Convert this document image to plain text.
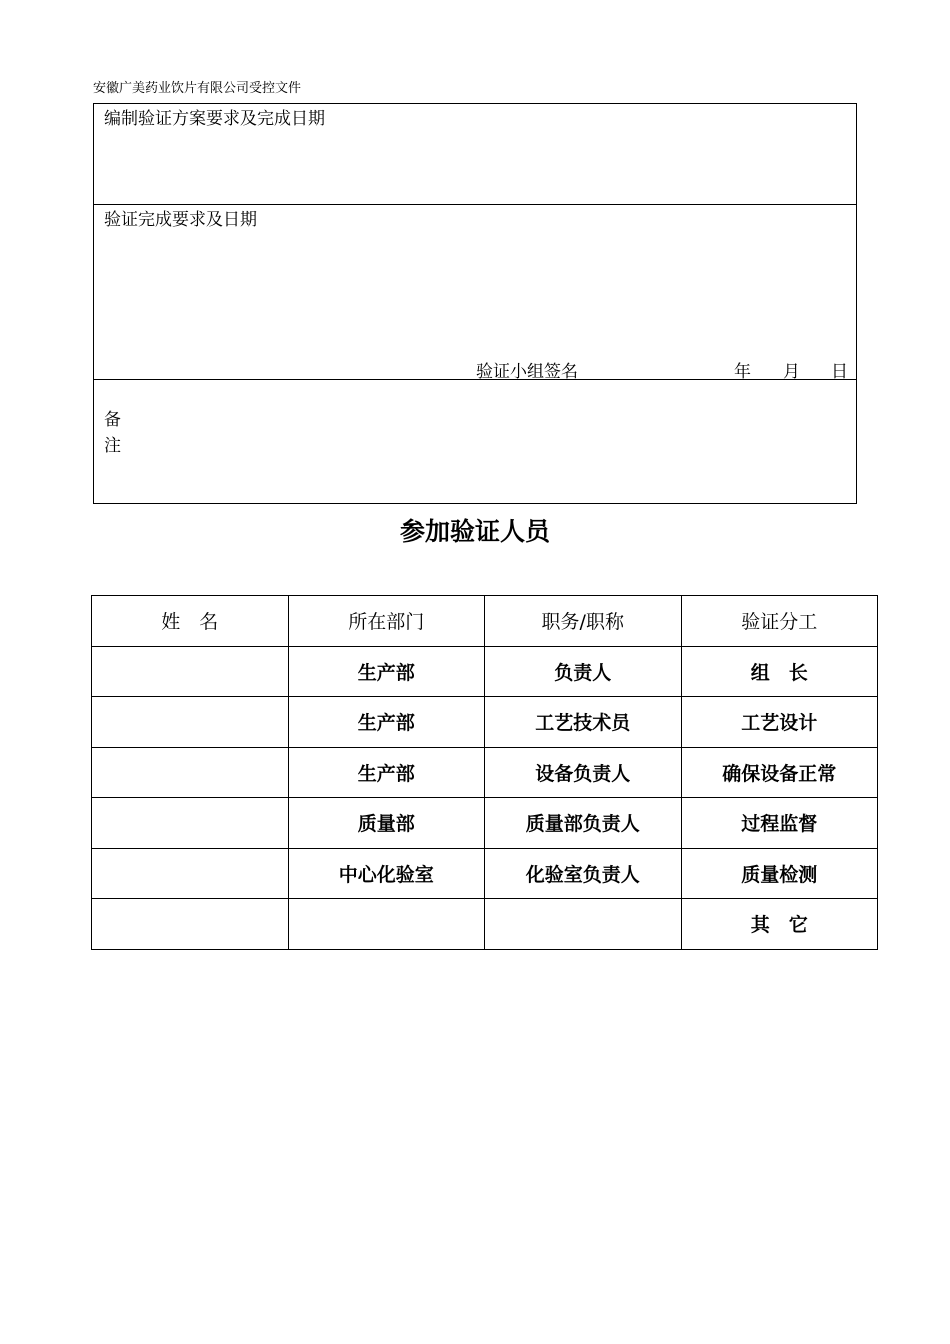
安徽广美药业饮片有限公司受控文件
编制验证方案要求及完成日期
验证完成要求及日期
验证小组签名	年 月 日
备
注
参加验证人员
姓　名	所在部门	职务/职称	验证分工
	生产部	负责人	组　长
	生产部	工艺技术员	工艺设计
	生产部	设备负责人	确保设备正常
	质量部	质量部负责人	过程监督
	中心化验室	化验室负责人	质量检测
			其　它
